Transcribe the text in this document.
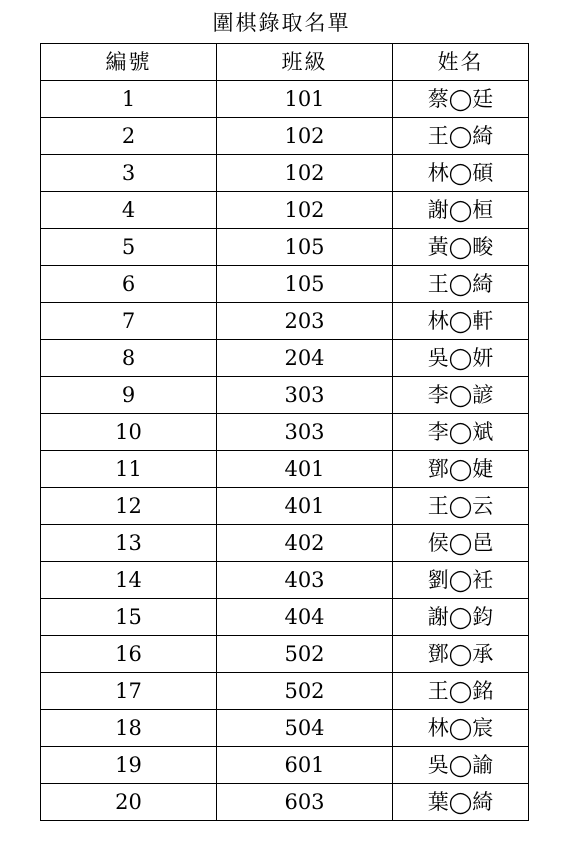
圍棋錄取名單
編號	班級	姓名
1	101	蔡◯廷
2	102	王◯綺
3	102	林◯碩
4	102	謝◯桓
5	105	黃◯畯
6	105	王◯綺
7	203	林◯軒
8	204	吳◯妍
9	303	李◯諺
10	303	李◯斌
11	401	鄧◯婕
12	401	王◯云
13	402	侯◯邑
14	403	劉◯衽
15	404	謝◯鈞
16	502	鄧◯承
17	502	王◯銘
18	504	林◯宸
19	601	吳◯諭
20	603	葉◯綺
